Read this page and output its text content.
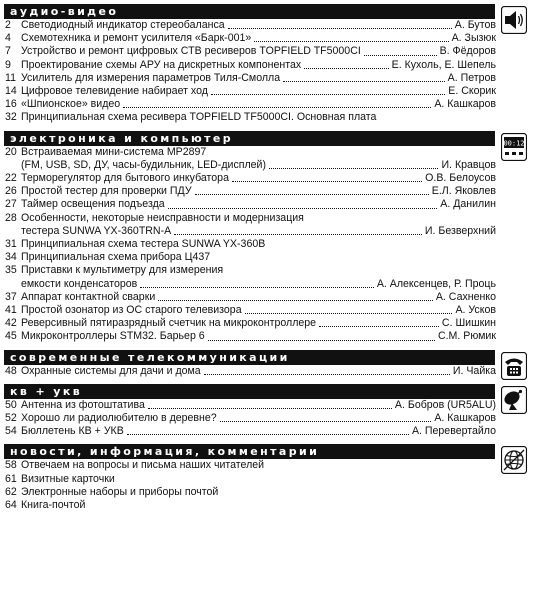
аудио-видео
2 Светодиодный индикатор стереобаланса	А. Бутов
4 Схемотехника и ремонт усилителя «Барк-001»	А. Зызюк
7 Устройство и ремонт цифровых СТВ ресиверов TOPFIELD TF5000CI	В. Фёдоров
9 Проектирование схемы АРУ на дискретных компонентах	Е. Кухоль, Е. Шепель
11 Усилитель для измерения параметров Тиля-Смолла	А. Петров
14 Цифровое телевидение набирает ход	Е. Скорик
16 «Шпионское» видео	А. Кашкаров
32 Принципиальная схема ресивера TOPFIELD TF5000CI. Основная плата
электроника и компьютер	00:12
20 Встраиваемая мини-система MP2897
(FM, USB, SD, ДУ, часы-будильник, LED-дисплей)	И. Кравцов
22 Терморегулятор для бытового инкубатора	О.В. Белоусов
26 Простой тестер для проверки ПДУ	Е.Л. Яковлев
27 Таймер освещения подъезда	А. Данилин
28 Особенности, некоторые неисправности и модернизация
тестера SUNWA YX-360TRN-A	И. Безверхний
31 Принципиальная схема тестера SUNWA YX-360B
34 Принципиальная схема прибора Ц437
35 Приставки к мультиметру для измерения
емкости конденсаторов	А. Алексенцев, Р. Проць
37 Аппарат контактной сварки	А. Сахненко
41 Простой озонатор из ОС старого телевизора	А. Усков
42 Реверсивный пятиразрядный счетчик на микроконтроллере	С. Шишкин
45 Микроконтроллеры STM32. Барьер 6	С.М. Рюмик
современные телекоммуникации
48 Охранные системы для дачи и дома	И. Чайка
кв + укв
50 Антенна из фотоштатива	А. Бобров (UR5ALU)
52 Хорошо ли радиолюбителю в деревне?	А. Кашкаров
54 Бюллетень КВ + УКВ	А. Перевертайло
новости, информация, комментарии
58 Отвечаем на вопросы и письма наших читателей
61 Визитные карточки
62 Электронные наборы и приборы почтой
64 Книга-почтой
